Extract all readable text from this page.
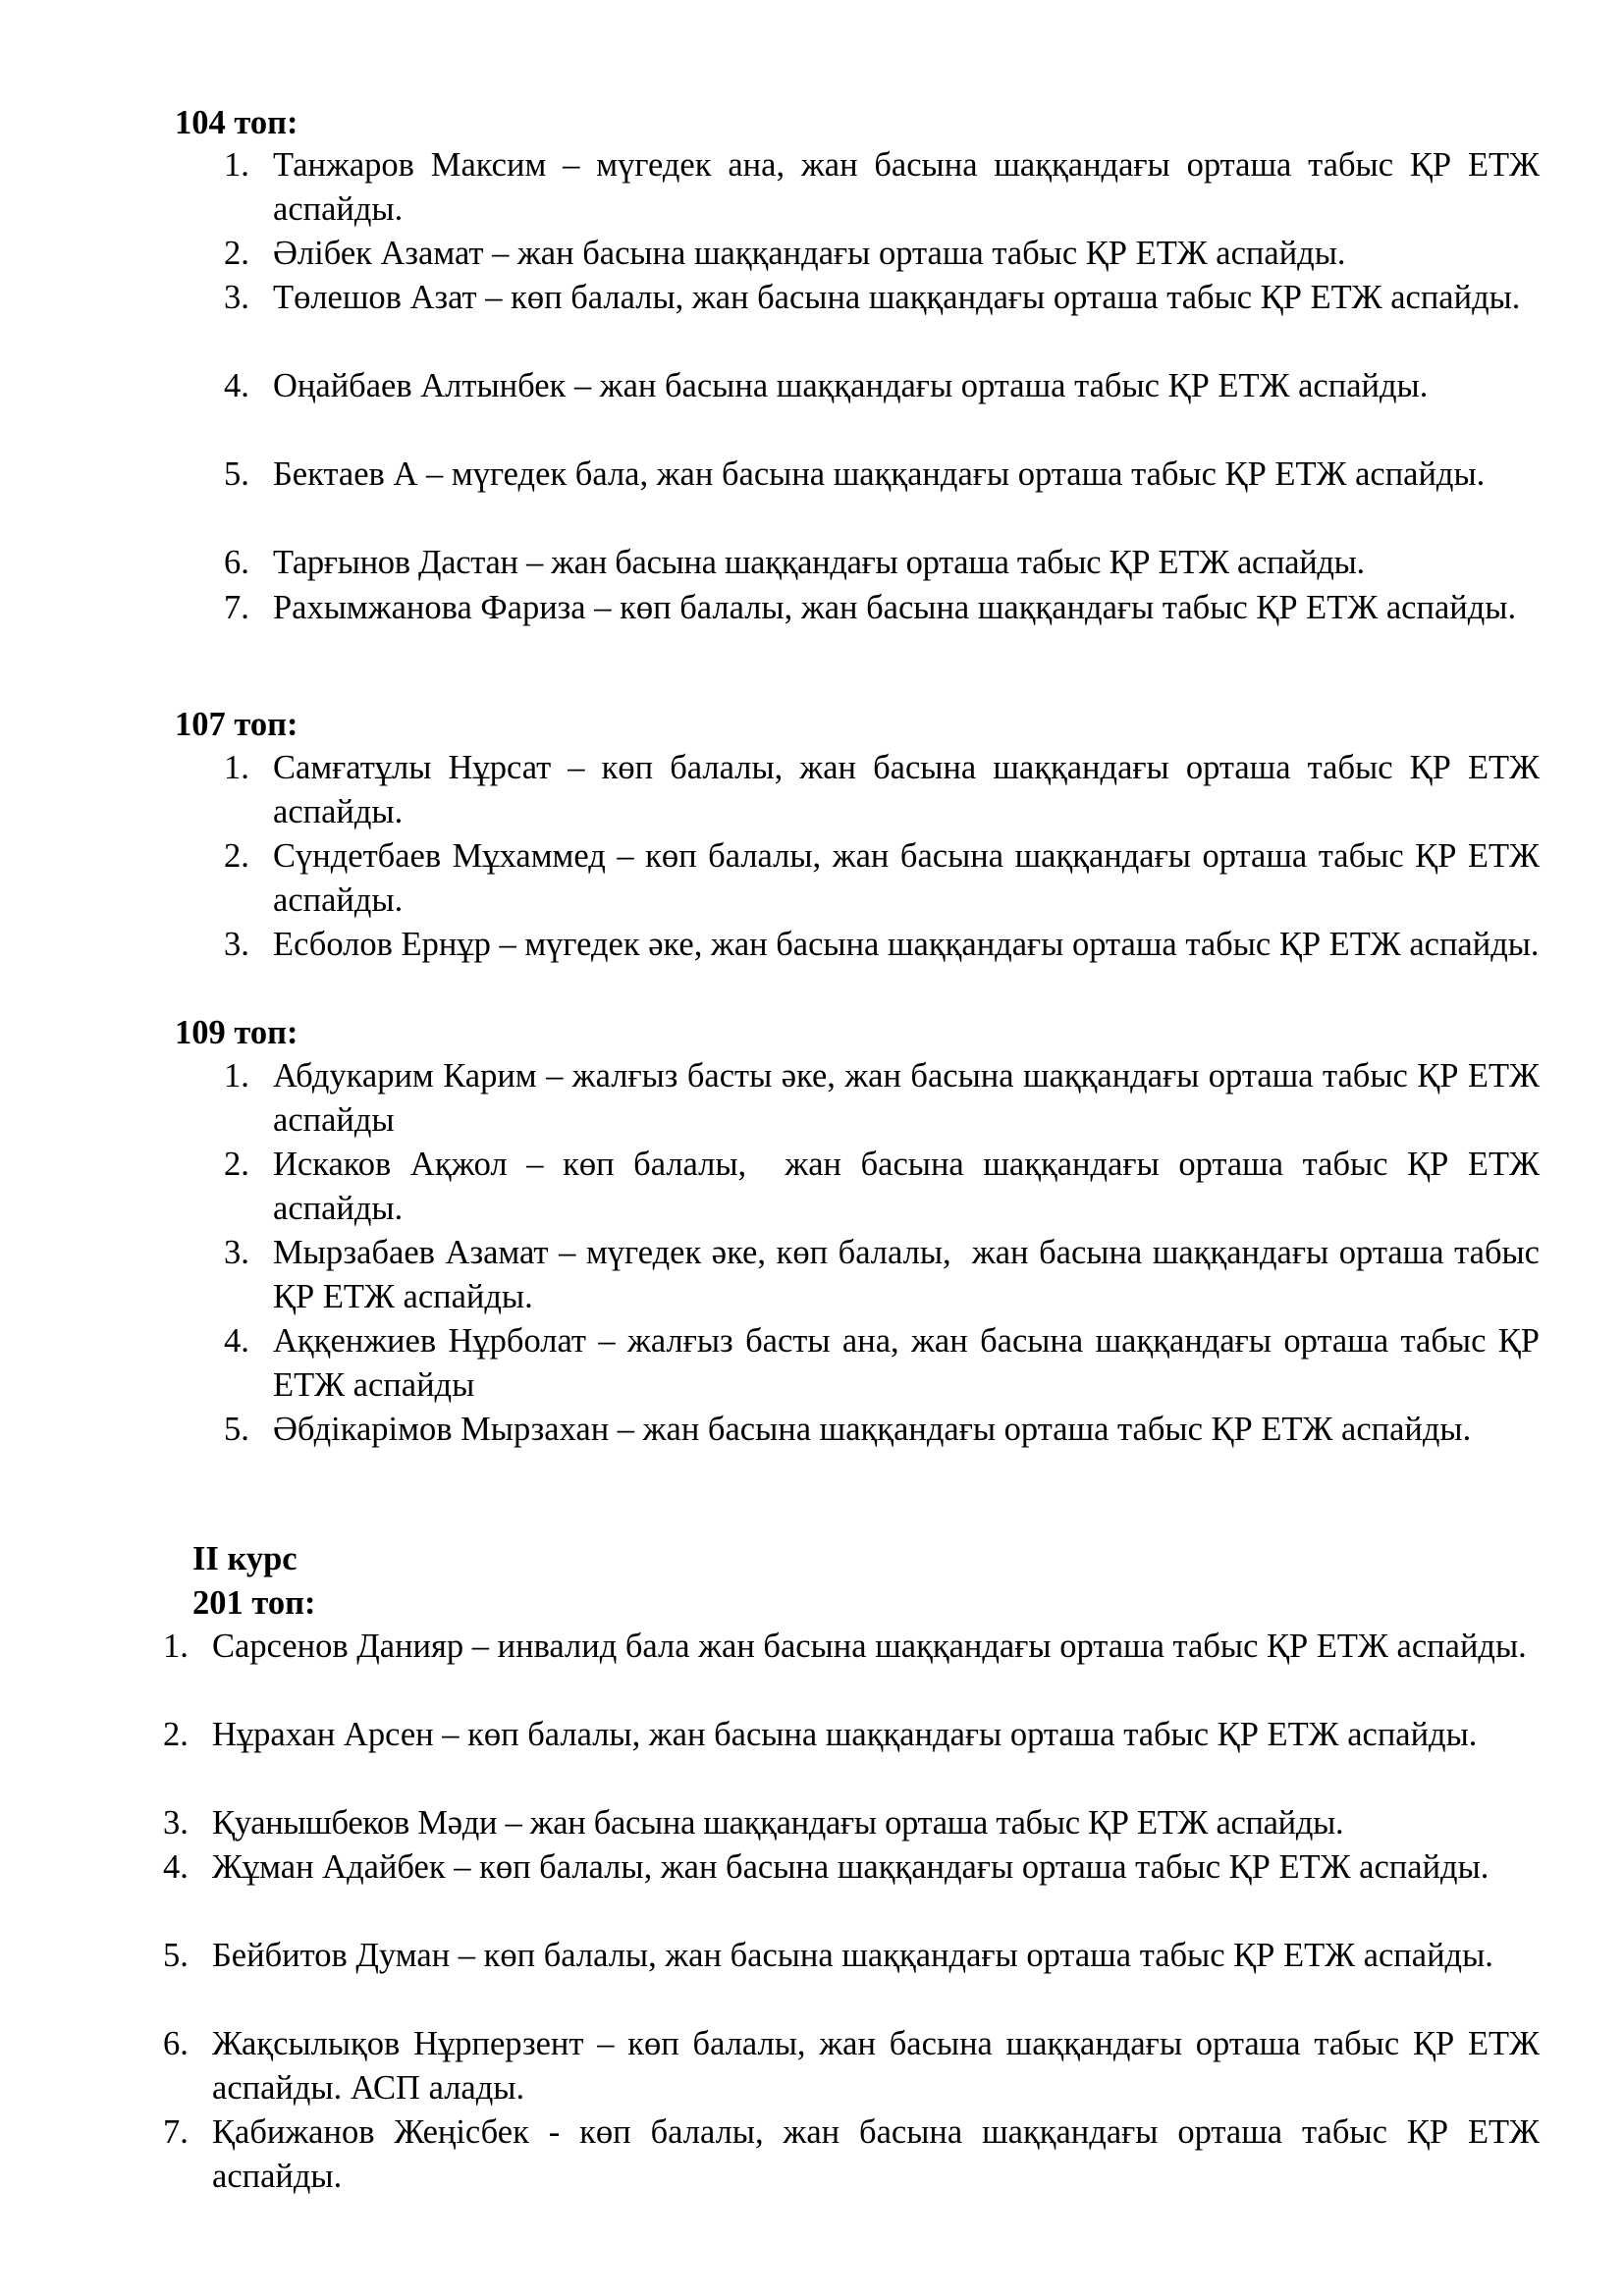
104 топ:
1. Танжаров Максим – мүгедек ана, жан басына шаққандағы орташа табыс ҚР ЕТЖ аспайды.
2. Әлібек Азамат – жан басына шаққандағы орташа табыс ҚР ЕТЖ аспайды.
3. Төлешов Азат – көп балалы, жан басына шаққандағы орташа табыс ҚР ЕТЖ аспайды.
4. Оңайбаев Алтынбек – жан басына шаққандағы орташа табыс ҚР ЕТЖ аспайды.
5. Бектаев А – мүгедек бала, жан басына шаққандағы орташа табыс ҚР ЕТЖ аспайды.
6. Тарғынов Дастан – жан басына шаққандағы орташа табыс ҚР ЕТЖ аспайды.
7. Рахымжанова Фариза – көп балалы, жан басына шаққандағы табыс ҚР ЕТЖ аспайды.
107 топ:
1. Самғатұлы Нұрсат – көп балалы, жан басына шаққандағы орташа табыс ҚР ЕТЖ аспайды.
2. Сүндетбаев Мұхаммед – көп балалы, жан басына шаққандағы орташа табыс ҚР ЕТЖ аспайды.
3. Есболов Ернұр – мүгедек әке, жан басына шаққандағы орташа табыс ҚР ЕТЖ аспайды.
109 топ:
1. Абдукарим Карим – жалғыз басты әке, жан басына шаққандағы орташа табыс ҚР ЕТЖ аспайды
2. Искаков Ақжол – көп балалы,  жан басына шаққандағы орташа табыс ҚР ЕТЖ аспайды.
3. Мырзабаев Азамат – мүгедек әке, көп балалы,  жан басына шаққандағы орташа табыс ҚР ЕТЖ аспайды.
4. Аққенжиев Нұрболат – жалғыз басты ана, жан басына шаққандағы орташа табыс ҚР ЕТЖ аспайды
5. Әбдікарімов Мырзахан – жан басына шаққандағы орташа табыс ҚР ЕТЖ аспайды.
II курс
201 топ:
1. Сарсенов Данияр – инвалид бала жан басына шаққандағы орташа табыс ҚР ЕТЖ аспайды.
2. Нұрахан Арсен – көп балалы, жан басына шаққандағы орташа табыс ҚР ЕТЖ аспайды.
3. Қуанышбеков Мәди – жан басына шаққандағы орташа табыс ҚР ЕТЖ аспайды.
4. Жұман Адайбек – көп балалы, жан басына шаққандағы орташа табыс ҚР ЕТЖ аспайды.
5. Бейбитов Думан – көп балалы, жан басына шаққандағы орташа табыс ҚР ЕТЖ аспайды.
6. Жақсылықов Нұрперзент – көп балалы, жан басына шаққандағы орташа табыс ҚР ЕТЖ аспайды. АСП алады.
7. Қабижанов Жеңісбек - көп балалы, жан басына шаққандағы орташа табыс ҚР ЕТЖ аспайды.
